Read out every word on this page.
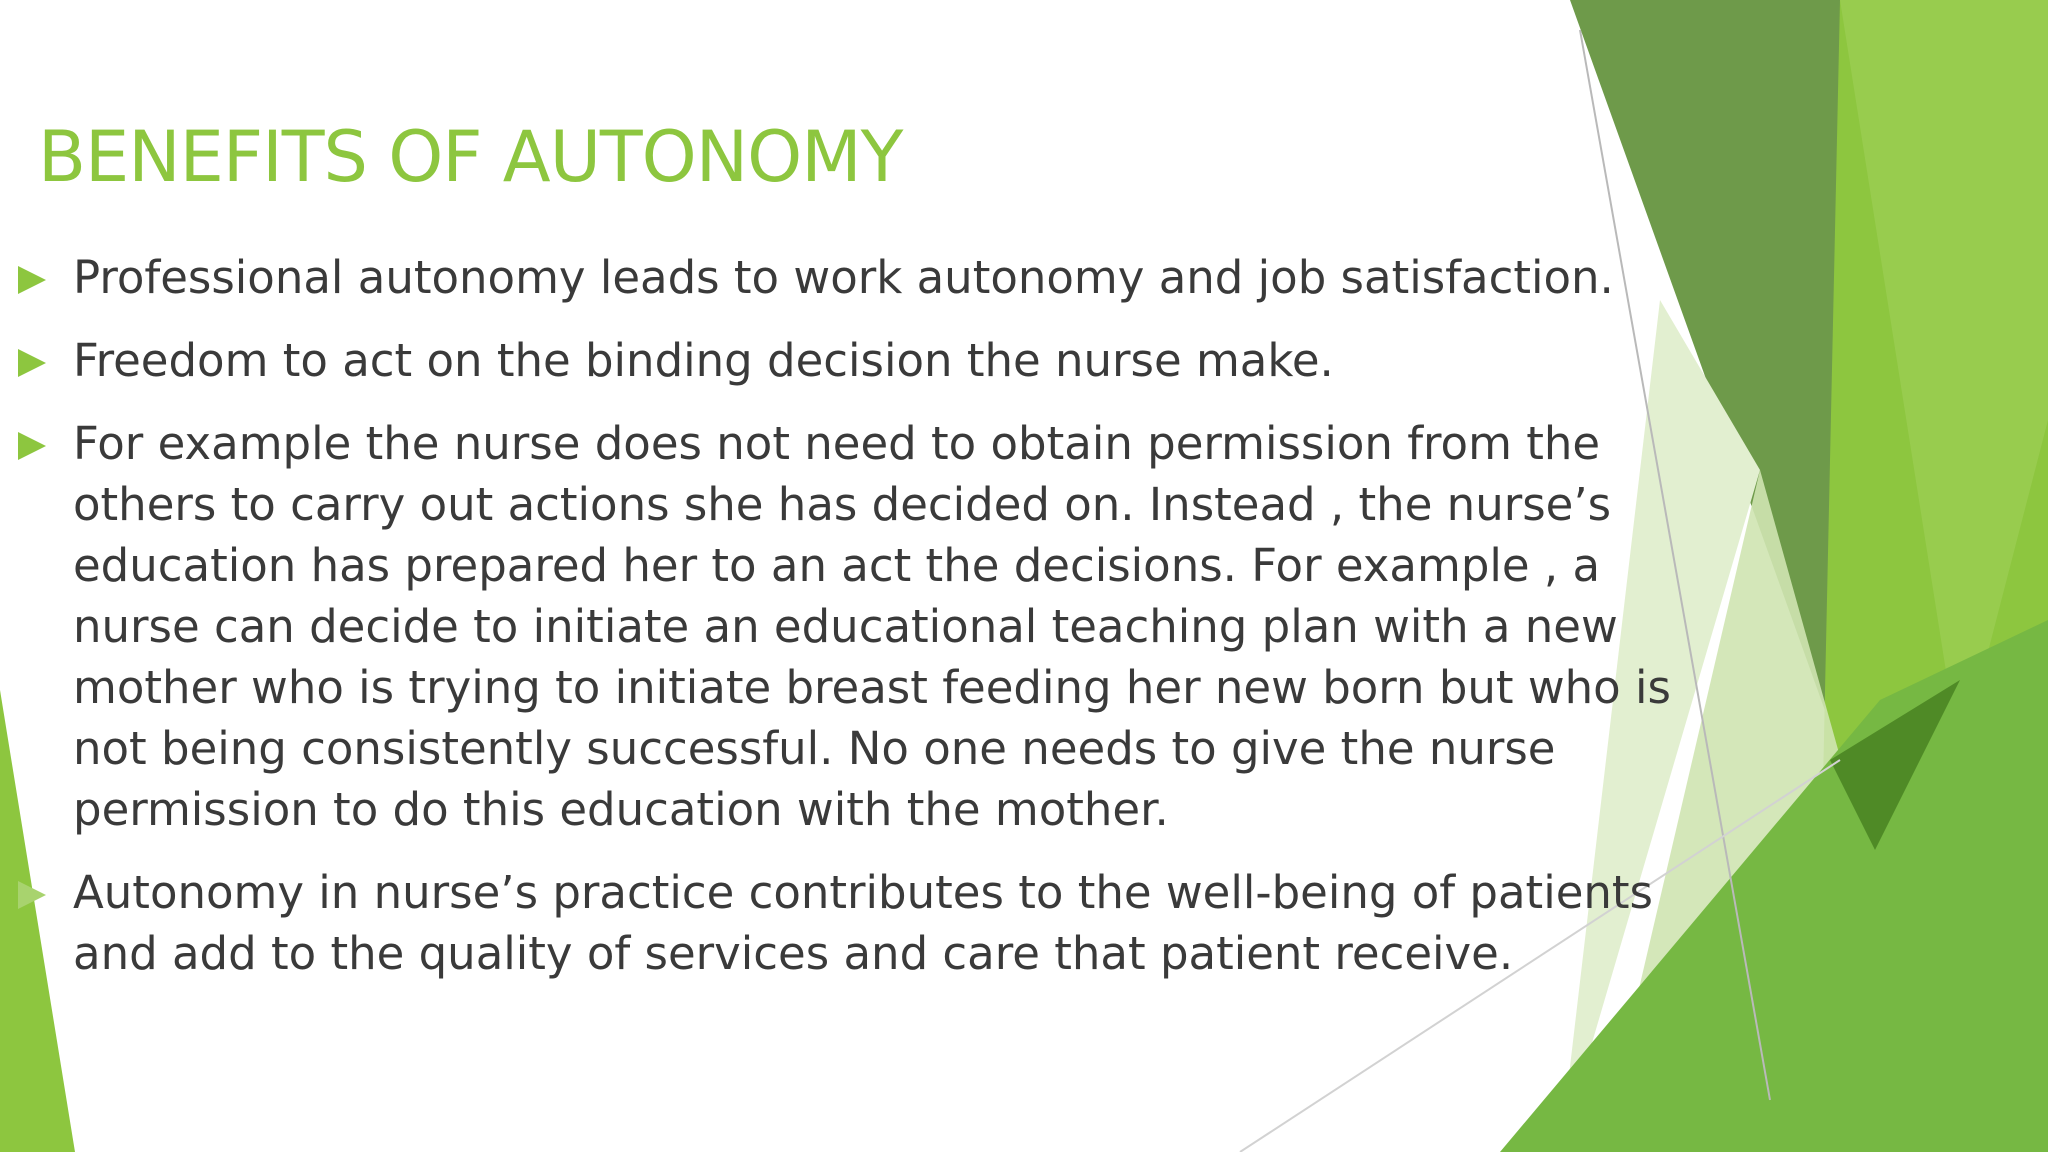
BENEFITS OF AUTONOMY
Professional autonomy leads to work autonomy and job satisfaction.
Freedom to act on the binding decision the nurse make.
For example the nurse does not need to obtain permission from the others to carry out actions she has decided on. Instead , the nurse’s education has prepared her to an act the decisions. For example , a nurse can decide to initiate an educational teaching plan with a new mother who is trying to initiate breast feeding her new born but who is not being consistently successful. No one needs to give the nurse permission to do this education with the mother.
Autonomy in nurse’s practice contributes to the well-being of patients and add to the quality of services and care that patient receive.
